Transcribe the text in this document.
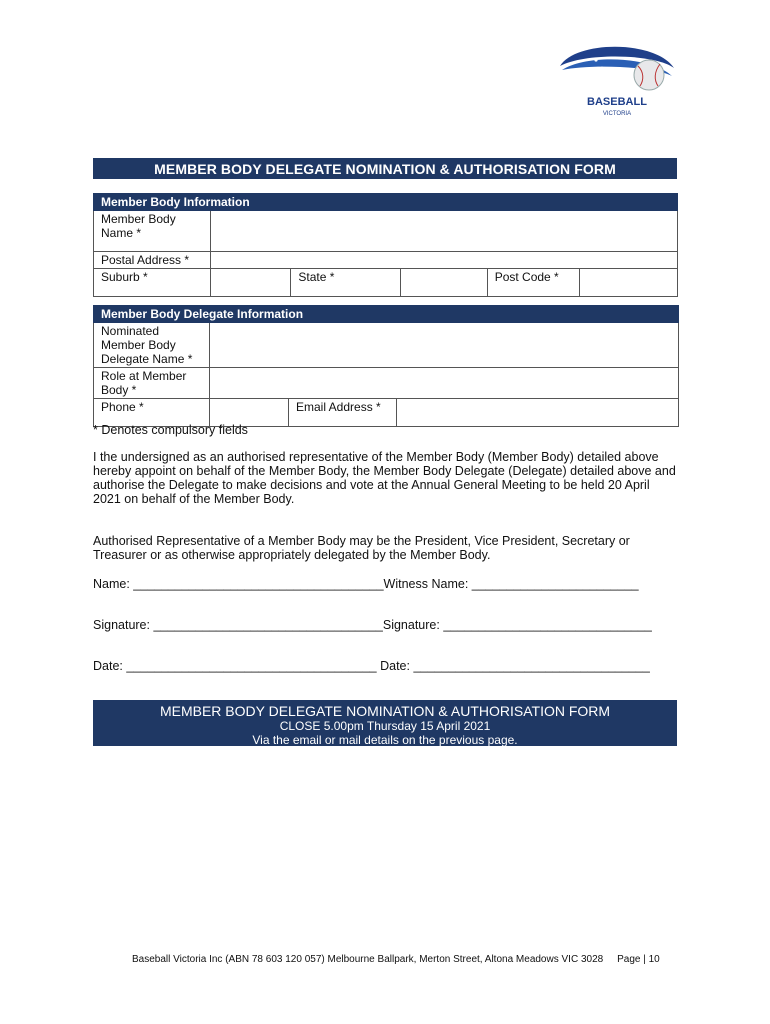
BASEBALL
VICTORIA
MEMBER BODY DELEGATE NOMINATION & AUTHORISATION FORM
Member Body Information					
Member Body Name *					
Postal Address *					
Suburb *		State *		Post Code *	
Member Body Delegate Information			
Nominated Member Body Delegate Name *			
Role at Member Body *			
Phone *		Email Address *	
* Denotes compulsory fields
I the undersigned as an authorised representative of the Member Body (Member Body) detailed above hereby appoint on behalf of the Member Body, the Member Body Delegate (Delegate) detailed above and authorise the Delegate to make decisions and vote at the Annual General Meeting to be held 20 April 2021 on behalf of the Member Body.
Authorised Representative of a Member Body may be the President, Vice President, Secretary or Treasurer or as otherwise appropriately delegated by the Member Body.
Name: ____________________________________Witness Name: ________________________
Signature: _________________________________Signature: ______________________________
Date: ____________________________________ Date: __________________________________
MEMBER BODY DELEGATE NOMINATION & AUTHORISATION FORM
CLOSE 5.00pm Thursday 15 April 2021
Via the email or mail details on the previous page.
Baseball Victoria Inc (ABN 78 603 120 057) Melbourne Ballpark, Merton Street, Altona Meadows VIC 3028     Page | 10
